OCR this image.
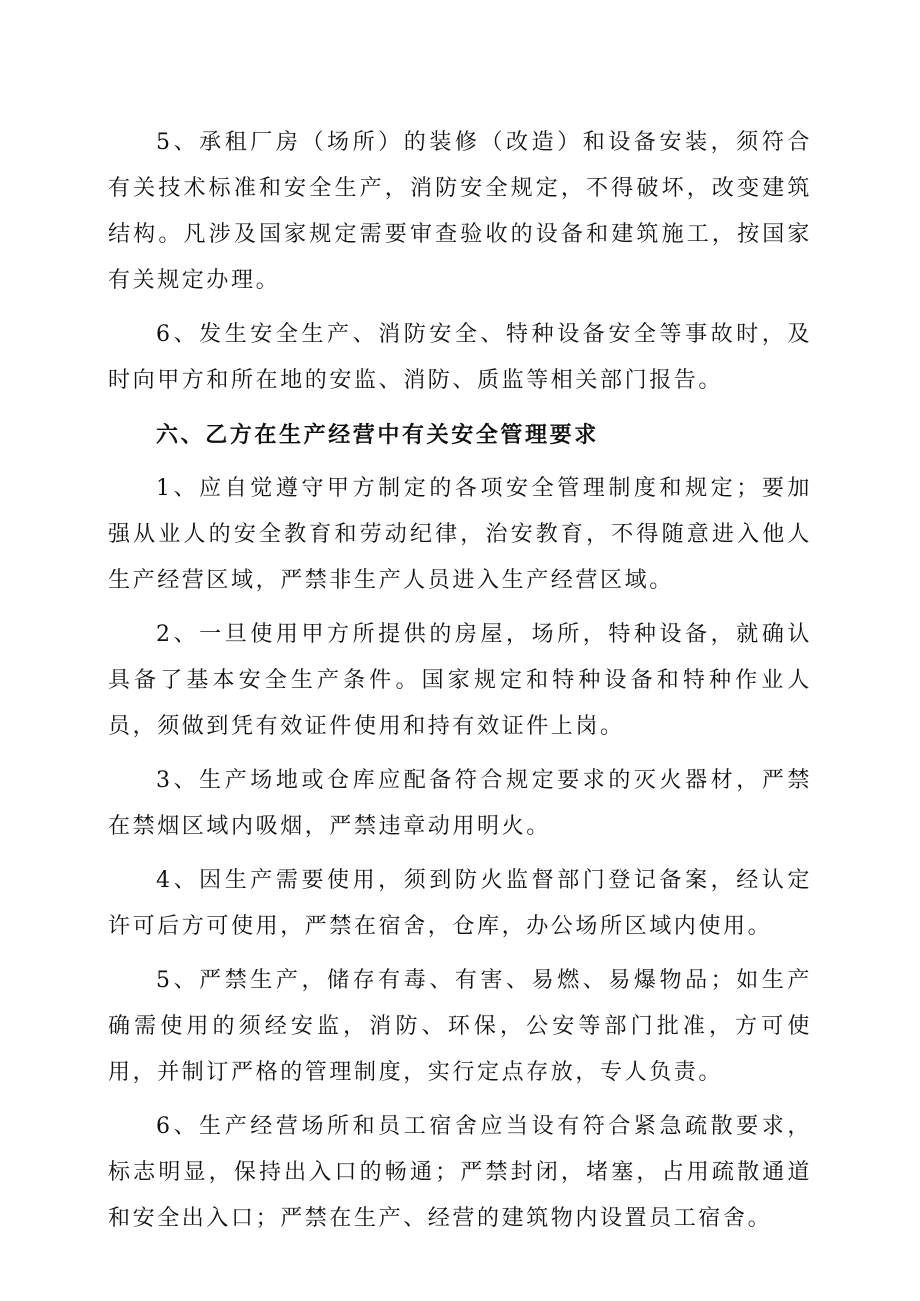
5、承租厂房（场所）的装修（改造）和设备安装，须符合有关技术标准和安全生产，消防安全规定，不得破坏，改变建筑结构。凡涉及国家规定需要审查验收的设备和建筑施工，按国家有关规定办理。

6、发生安全生产、消防安全、特种设备安全等事故时，及时向甲方和所在地的安监、消防、质监等相关部门报告。

六、乙方在生产经营中有关安全管理要求

1、应自觉遵守甲方制定的各项安全管理制度和规定；要加强从业人的安全教育和劳动纪律，治安教育，不得随意进入他人生产经营区域，严禁非生产人员进入生产经营区域。

2、一旦使用甲方所提供的房屋，场所，特种设备，就确认具备了基本安全生产条件。国家规定和特种设备和特种作业人员，须做到凭有效证件使用和持有效证件上岗。

3、生产场地或仓库应配备符合规定要求的灭火器材，严禁在禁烟区域内吸烟，严禁违章动用明火。

4、因生产需要使用，须到防火监督部门登记备案，经认定许可后方可使用，严禁在宿舍，仓库，办公场所区域内使用。

5、严禁生产，储存有毒、有害、易燃、易爆物品；如生产确需使用的须经安监，消防、环保，公安等部门批准，方可使用，并制订严格的管理制度，实行定点存放，专人负责。

6、生产经营场所和员工宿舍应当设有符合紧急疏散要求，标志明显，保持出入口的畅通；严禁封闭，堵塞，占用疏散通道和安全出入口；严禁在生产、经营的建筑物内设置员工宿舍。
